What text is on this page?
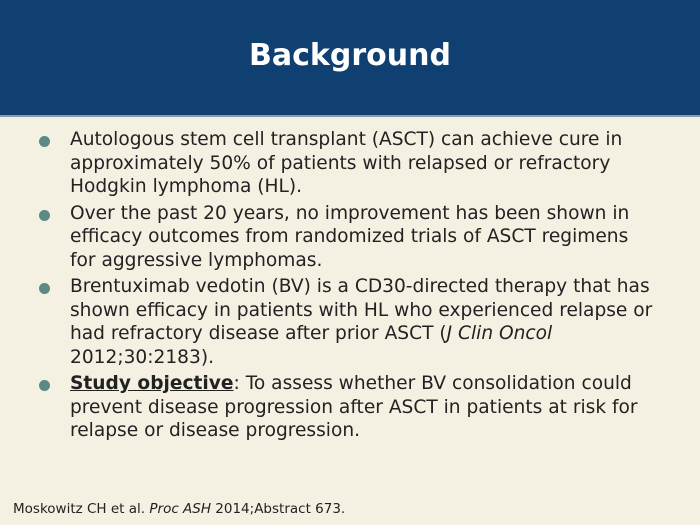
Background
Autologous stem cell transplant (ASCT) can achieve cure in approximately 50% of patients with relapsed or refractory Hodgkin lymphoma (HL).
Over the past 20 years, no improvement has been shown in efficacy outcomes from randomized trials of ASCT regimens for aggressive lymphomas.
Brentuximab vedotin (BV) is a CD30-directed therapy that has shown efficacy in patients with HL who experienced relapse or had refractory disease after prior ASCT (J Clin Oncol 2012;30:2183).
Study objective: To assess whether BV consolidation could prevent disease progression after ASCT in patients at risk for relapse or disease progression.
Moskowitz CH et al. Proc ASH 2014;Abstract 673.
